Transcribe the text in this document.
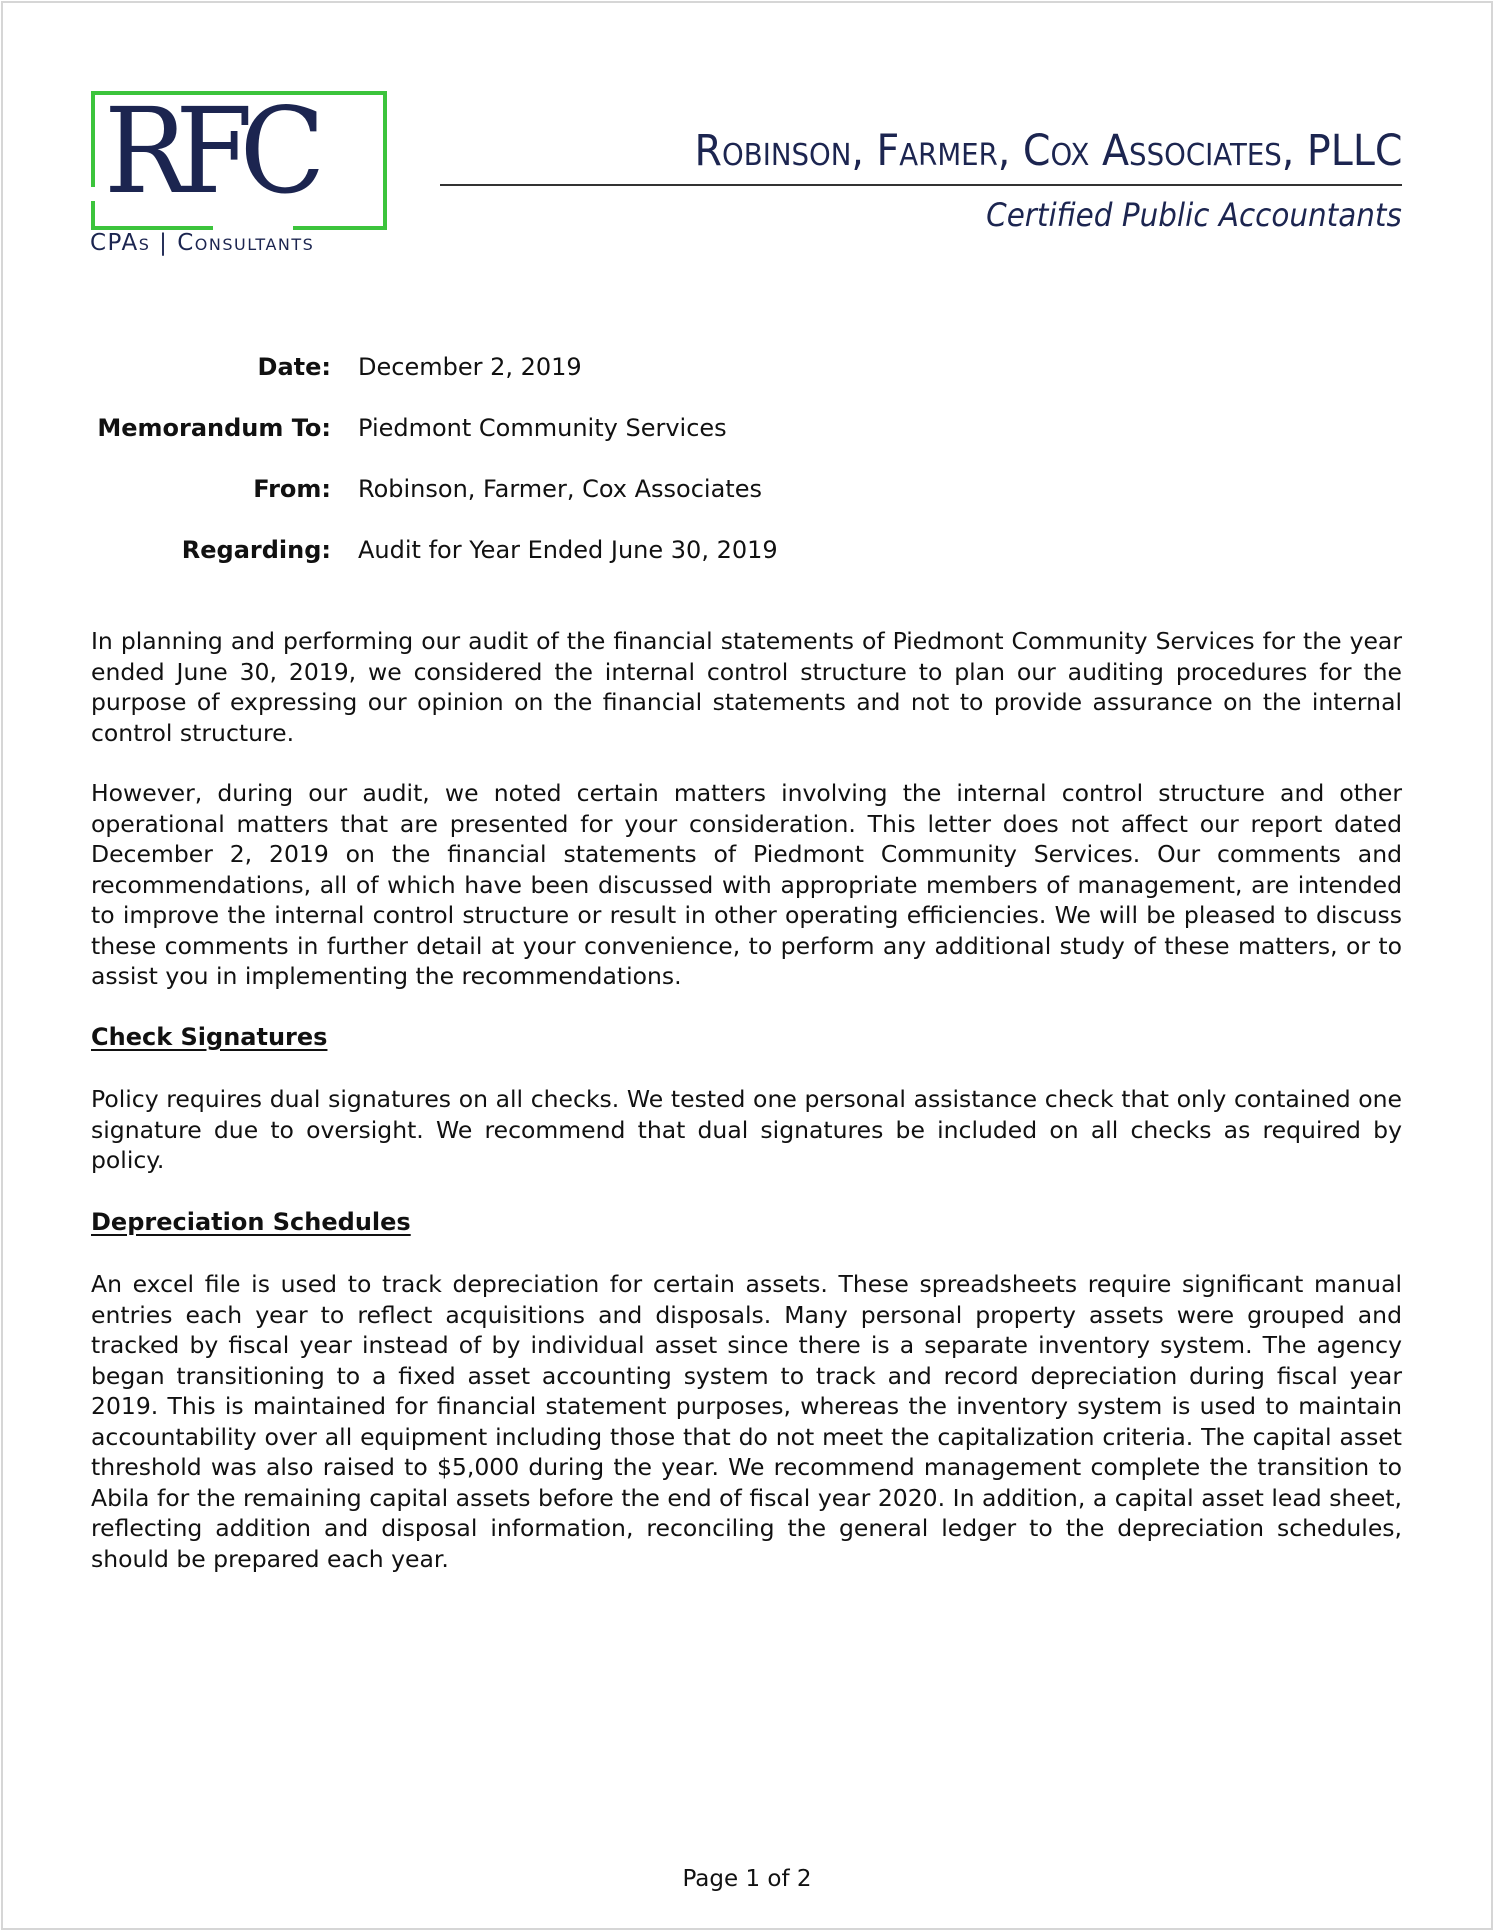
RFC
CPAs | Consultants
Robinson, Farmer, Cox Associates, PLLC
Certified Public Accountants
Date: December 2, 2019
Memorandum To: Piedmont Community Services
From: Robinson, Farmer, Cox Associates
Regarding: Audit for Year Ended June 30, 2019

In planning and performing our audit of the financial statements of Piedmont Community Services for the year ended June 30, 2019, we considered the internal control structure to plan our auditing procedures for the purpose of expressing our opinion on the financial statements and not to provide assurance on the internal control structure.

However, during our audit, we noted certain matters involving the internal control structure and other operational matters that are presented for your consideration. This letter does not affect our report dated December 2, 2019 on the financial statements of Piedmont Community Services. Our comments and recommendations, all of which have been discussed with appropriate members of management, are intended to improve the internal control structure or result in other operating efficiencies. We will be pleased to discuss these comments in further detail at your convenience, to perform any additional study of these matters, or to assist you in implementing the recommendations.

Check Signatures

Policy requires dual signatures on all checks. We tested one personal assistance check that only contained one signature due to oversight. We recommend that dual signatures be included on all checks as required by policy.

Depreciation Schedules

An excel file is used to track depreciation for certain assets. These spreadsheets require significant manual entries each year to reflect acquisitions and disposals. Many personal property assets were grouped and tracked by fiscal year instead of by individual asset since there is a separate inventory system. The agency began transitioning to a fixed asset accounting system to track and record depreciation during fiscal year 2019. This is maintained for financial statement purposes, whereas the inventory system is used to maintain accountability over all equipment including those that do not meet the capitalization criteria. The capital asset threshold was also raised to $5,000 during the year. We recommend management complete the transition to Abila for the remaining capital assets before the end of fiscal year 2020. In addition, a capital asset lead sheet, reflecting addition and disposal information, reconciling the general ledger to the depreciation schedules, should be prepared each year.

Page 1 of 2
